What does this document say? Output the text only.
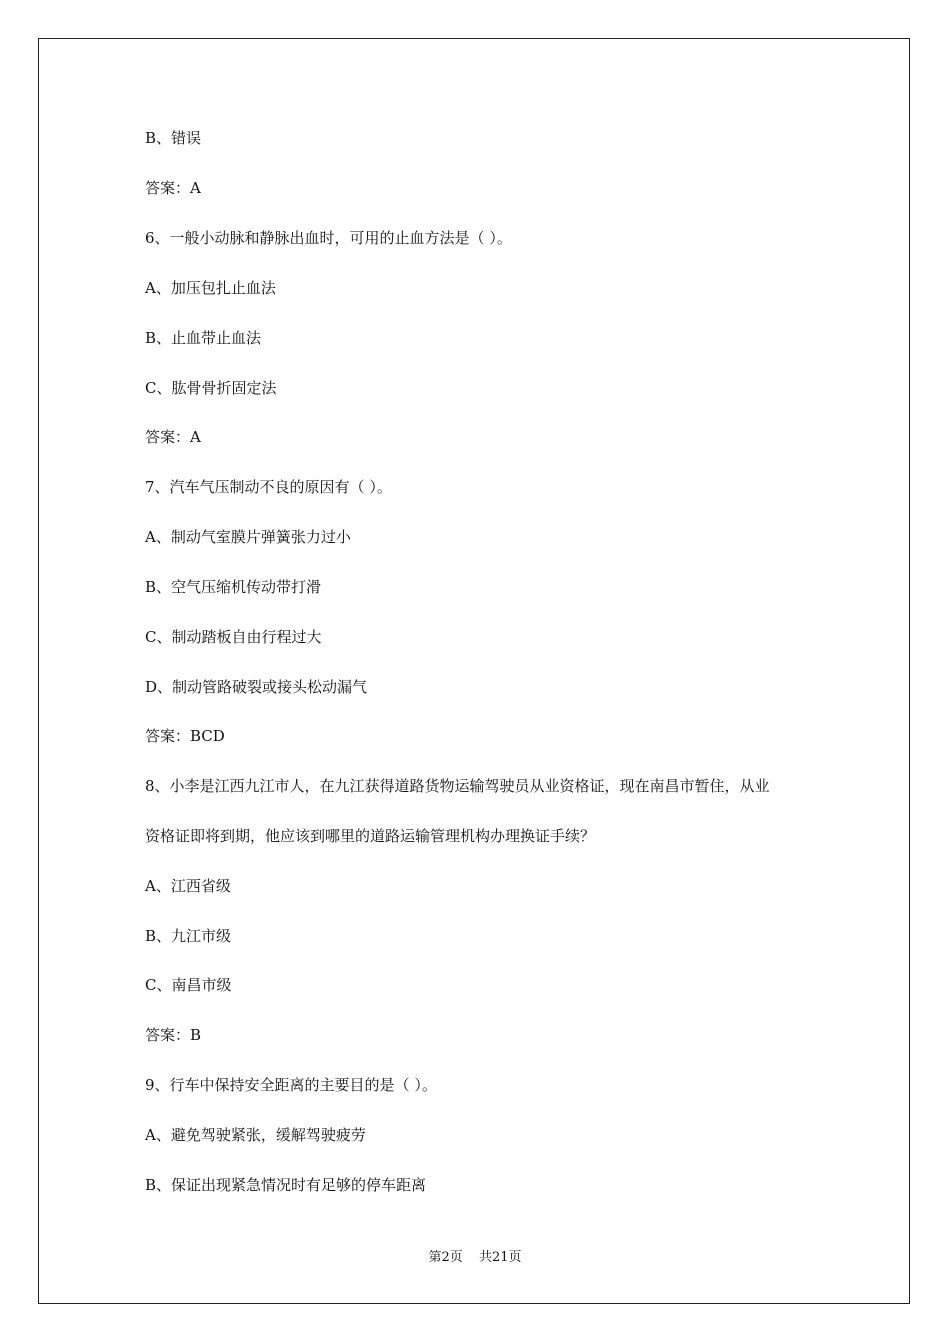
B、错误
答案：A
6、一般小动脉和静脉出血时，可用的止血方法是（ ）。
A、加压包扎止血法
B、止血带止血法
C、肱骨骨折固定法
答案：A
7、汽车气压制动不良的原因有（ ）。
A、制动气室膜片弹簧张力过小
B、空气压缩机传动带打滑
C、制动踏板自由行程过大
D、制动管路破裂或接头松动漏气
答案：BCD
8、小李是江西九江市人，在九江获得道路货物运输驾驶员从业资格证，现在南昌市暂住，从业
资格证即将到期，他应该到哪里的道路运输管理机构办理换证手续？
A、江西省级
B、九江市级
C、南昌市级
答案：B
9、行车中保持安全距离的主要目的是（ ）。
A、避免驾驶紧张，缓解驾驶疲劳
B、保证出现紧急情况时有足够的停车距离
第2页 共21页
